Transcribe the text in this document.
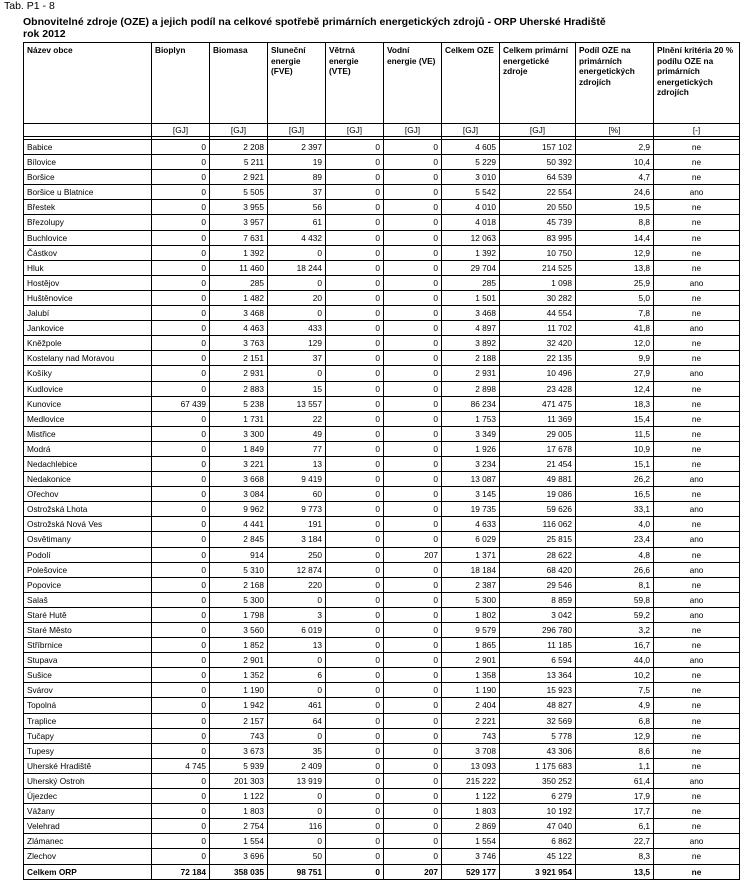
Tab. P1 - 8
Obnovitelné zdroje (OZE) a jejich podíl na celkové spotřebě primárních energetických zdrojů - ORP Uherské Hradiště
rok 2012
Název obce	Bioplyn	Biomasa	Sluneční energie (FVE)	Větrná energie (VTE)	Vodní energie (VE)	Celkem OZE	Celkem primární energetické zdroje	Podíl OZE na primárních energetických zdrojích	Plnění kritéria 20 % podílu OZE na primárních energetických zdrojích
	[GJ]	[GJ]	[GJ]	[GJ]	[GJ]	[GJ]	[GJ]	[%]	[-]

Babice	0	2 208	2 397	0	0	4 605	157 102	2,9	ne
Bílovice	0	5 211	19	0	0	5 229	50 392	10,4	ne
Boršice	0	2 921	89	0	0	3 010	64 539	4,7	ne
Boršice u Blatnice	0	5 505	37	0	0	5 542	22 554	24,6	ano
Břestek	0	3 955	56	0	0	4 010	20 550	19,5	ne
Březolupy	0	3 957	61	0	0	4 018	45 739	8,8	ne
Buchlovice	0	7 631	4 432	0	0	12 063	83 995	14,4	ne
Částkov	0	1 392	0	0	0	1 392	10 750	12,9	ne
Hluk	0	11 460	18 244	0	0	29 704	214 525	13,8	ne
Hostějov	0	285	0	0	0	285	1 098	25,9	ano
Huštěnovice	0	1 482	20	0	0	1 501	30 282	5,0	ne
Jalubí	0	3 468	0	0	0	3 468	44 554	7,8	ne
Jankovice	0	4 463	433	0	0	4 897	11 702	41,8	ano
Kněžpole	0	3 763	129	0	0	3 892	32 420	12,0	ne
Kostelany nad Moravou	0	2 151	37	0	0	2 188	22 135	9,9	ne
Košíky	0	2 931	0	0	0	2 931	10 496	27,9	ano
Kudlovice	0	2 883	15	0	0	2 898	23 428	12,4	ne
Kunovice	67 439	5 238	13 557	0	0	86 234	471 475	18,3	ne
Medlovice	0	1 731	22	0	0	1 753	11 369	15,4	ne
Mistřice	0	3 300	49	0	0	3 349	29 005	11,5	ne
Modrá	0	1 849	77	0	0	1 926	17 678	10,9	ne
Nedachlebice	0	3 221	13	0	0	3 234	21 454	15,1	ne
Nedakonice	0	3 668	9 419	0	0	13 087	49 881	26,2	ano
Ořechov	0	3 084	60	0	0	3 145	19 086	16,5	ne
Ostrožská Lhota	0	9 962	9 773	0	0	19 735	59 626	33,1	ano
Ostrožská Nová Ves	0	4 441	191	0	0	4 633	116 062	4,0	ne
Osvětimany	0	2 845	3 184	0	0	6 029	25 815	23,4	ano
Podolí	0	914	250	0	207	1 371	28 622	4,8	ne
Polešovice	0	5 310	12 874	0	0	18 184	68 420	26,6	ano
Popovice	0	2 168	220	0	0	2 387	29 546	8,1	ne
Salaš	0	5 300	0	0	0	5 300	8 859	59,8	ano
Staré Hutě	0	1 798	3	0	0	1 802	3 042	59,2	ano
Staré Město	0	3 560	6 019	0	0	9 579	296 780	3,2	ne
Stříbrnice	0	1 852	13	0	0	1 865	11 185	16,7	ne
Stupava	0	2 901	0	0	0	2 901	6 594	44,0	ano
Sušice	0	1 352	6	0	0	1 358	13 364	10,2	ne
Svárov	0	1 190	0	0	0	1 190	15 923	7,5	ne
Topolná	0	1 942	461	0	0	2 404	48 827	4,9	ne
Traplice	0	2 157	64	0	0	2 221	32 569	6,8	ne
Tučapy	0	743	0	0	0	743	5 778	12,9	ne
Tupesy	0	3 673	35	0	0	3 708	43 306	8,6	ne
Uherské Hradiště	4 745	5 939	2 409	0	0	13 093	1 175 683	1,1	ne
Uherský Ostroh	0	201 303	13 919	0	0	215 222	350 252	61,4	ano
Újezdec	0	1 122	0	0	0	1 122	6 279	17,9	ne
Vážany	0	1 803	0	0	0	1 803	10 192	17,7	ne
Velehrad	0	2 754	116	0	0	2 869	47 040	6,1	ne
Zlámanec	0	1 554	0	0	0	1 554	6 862	22,7	ano
Zlechov	0	3 696	50	0	0	3 746	45 122	8,3	ne
Celkem ORP	72 184	358 035	98 751	0	207	529 177	3 921 954	13,5	ne
